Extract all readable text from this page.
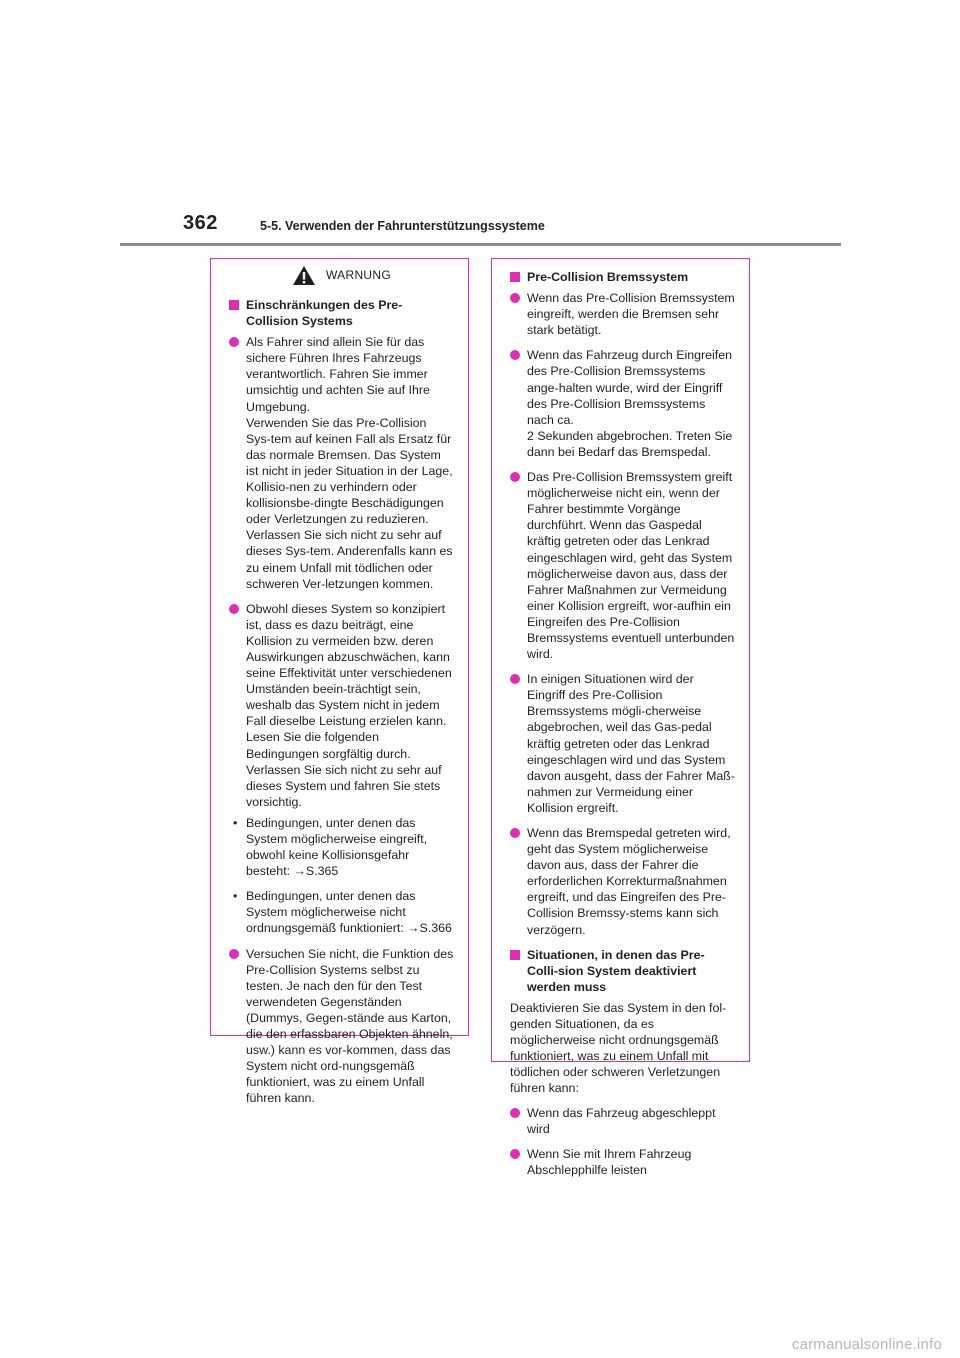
362	5-5. Verwenden der Fahrunterstützungssysteme
WARNUNG
Einschränkungen des Pre-Collision Systems

Als Fahrer sind allein Sie für das sichere Führen Ihres Fahrzeugs verantwortlich. Fahren Sie immer umsichtig und achten Sie auf Ihre Umgebung.

Verwenden Sie das Pre-Collision Sys-tem auf keinen Fall als Ersatz für das normale Bremsen. Das System ist nicht in jeder Situation in der Lage, Kollisio-nen zu verhindern oder kollisionsbe-dingte Beschädigungen oder Verletzungen zu reduzieren. Verlassen Sie sich nicht zu sehr auf dieses Sys-tem. Anderenfalls kann es zu einem Unfall mit tödlichen oder schweren Ver-letzungen kommen.

Obwohl dieses System so konzipiert ist, dass es dazu beiträgt, eine Kollision zu vermeiden bzw. deren Auswirkungen abzuschwächen, kann seine Effektivität unter verschiedenen Umständen beein-trächtigt sein, weshalb das System nicht in jedem Fall dieselbe Leistung erzielen kann.

Lesen Sie die folgenden Bedingungen sorgfältig durch. Verlassen Sie sich nicht zu sehr auf dieses System und fahren Sie stets vorsichtig.

• Bedingungen, unter denen das System möglicherweise eingreift, obwohl keine Kollisionsgefahr besteht: →S.365

• Bedingungen, unter denen das System möglicherweise nicht ordnungsgemäß funktioniert: →S.366

Versuchen Sie nicht, die Funktion des Pre-Collision Systems selbst zu testen. Je nach den für den Test verwendeten Gegenständen (Dummys, Gegen-stände aus Karton, die den erfassbaren Objekten ähneln, usw.) kann es vor-kommen, dass das System nicht ord-nungsgemäß funktioniert, was zu einem Unfall führen kann.

Pre-Collision Bremssystem

Wenn das Pre-Collision Bremssystem eingreift, werden die Bremsen sehr stark betätigt.

Wenn das Fahrzeug durch Eingreifen des Pre-Collision Bremssystems ange-halten wurde, wird der Eingriff des Pre-Collision Bremssystems nach ca.

2 Sekunden abgebrochen. Treten Sie dann bei Bedarf das Bremspedal.

Das Pre-Collision Bremssystem greift möglicherweise nicht ein, wenn der Fahrer bestimmte Vorgänge durchführt. Wenn das Gaspedal kräftig getreten oder das Lenkrad eingeschlagen wird, geht das System möglicherweise davon aus, dass der Fahrer Maßnahmen zur Vermeidung einer Kollision ergreift, wor-aufhin ein Eingreifen des Pre-Collision Bremssystems eventuell unterbunden wird.

In einigen Situationen wird der Eingriff des Pre-Collision Bremssystems mögli-cherweise abgebrochen, weil das Gas-pedal kräftig getreten oder das Lenkrad eingeschlagen wird und das System davon ausgeht, dass der Fahrer Maß-nahmen zur Vermeidung einer Kollision ergreift.

Wenn das Bremspedal getreten wird, geht das System möglicherweise davon aus, dass der Fahrer die erforderlichen Korrekturmaßnahmen ergreift, und das Eingreifen des Pre-Collision Bremssy-stems kann sich verzögern.

Situationen, in denen das Pre-Colli-sion System deaktiviert werden muss

Deaktivieren Sie das System in den fol-genden Situationen, da es möglicherweise nicht ordnungsgemäß funktioniert, was zu einem Unfall mit tödlichen oder schweren Verletzungen führen kann:

Wenn das Fahrzeug abgeschleppt wird

Wenn Sie mit Ihrem Fahrzeug Abschlepphilfe leisten

carmanualsonline.info
